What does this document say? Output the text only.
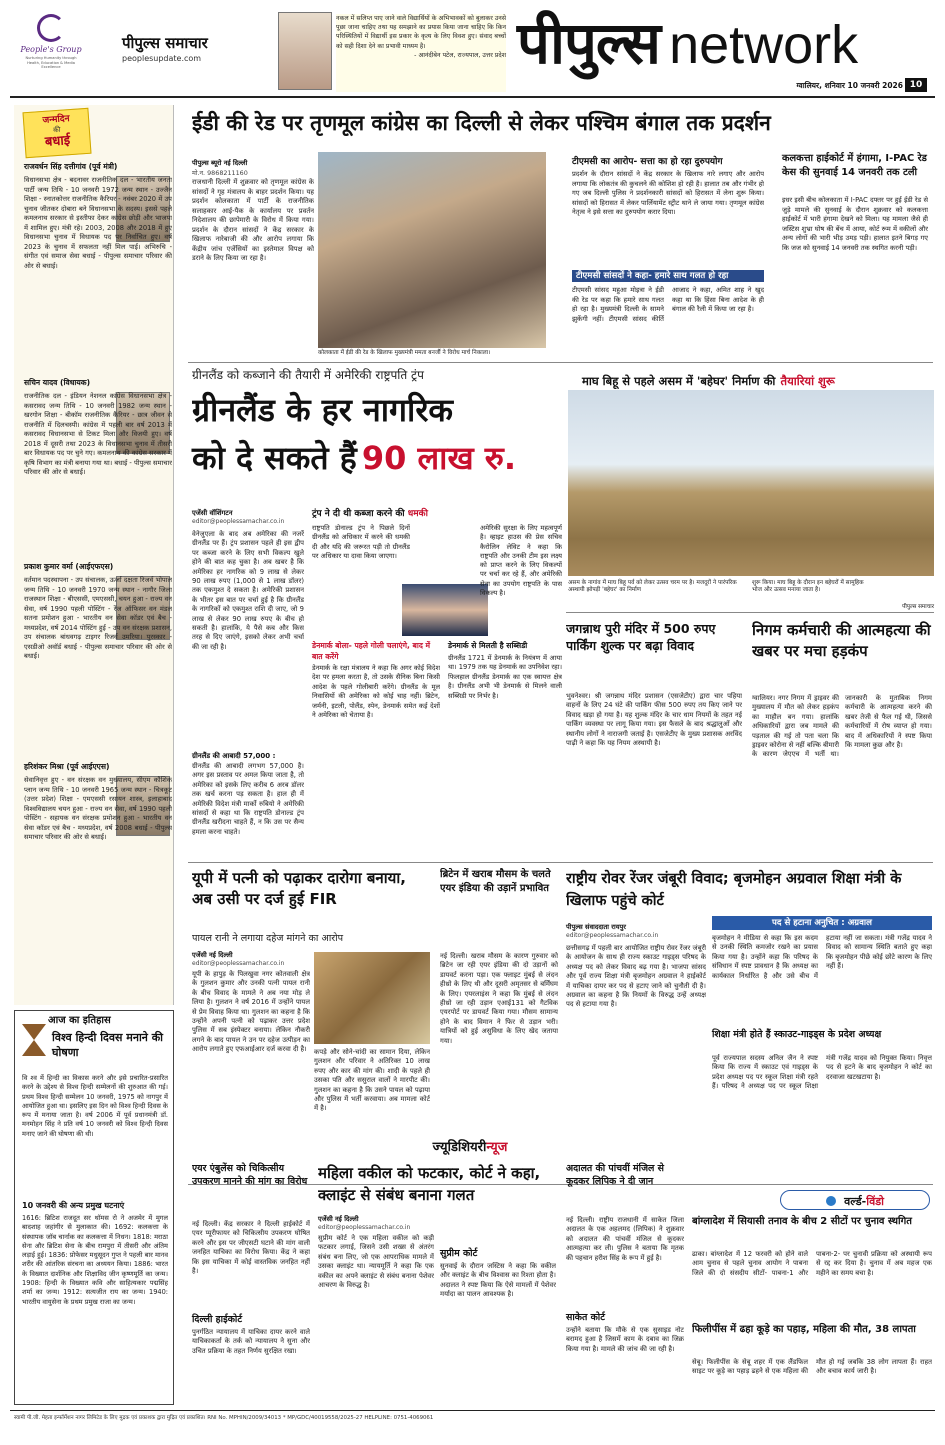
People's Group
Nurturing Humanity through Health, Education & Media Excellence
पीपुल्स समाचार
peoplesupdate.com
नकल में सलिप्त पाए जाने वाले विद्यार्थियों के अभिभावकों को बुलाकर उनसे पूछा जाना चाहिए तथा यह समझाने का प्रयास किया जाना चाहिए कि किन परिस्थितियों में विद्यार्थी इस प्रकार के कृत्य के लिए विवश हुए। संवाद बच्चों को सही दिशा देने का प्रभावी माध्यम है।
- आनंदीबेन पटेल, राज्यपाल, उत्तर प्रदेश पीपुल्स network
ग्वालियर, शनिवार 10 जनवरी 2026 10
जन्मदिन
की
बधाई
राजवर्धन सिंह दत्तीगांव (पूर्व मंत्री)
विधानसभा क्षेत्र - बदनावर राजनीतिक दल - भारतीय जनता पार्टी जन्म तिथि - 10 जनवरी 1972 जन्म स्थान - उज्जैन शिक्षा - स्नातकोत्तर राजनीतिक कैरियर - नवंबर 2020 में उप चुनाव जीतकर दोबारा बने विधानसभा के सदस्य। इससे पहले कमलनाथ सरकार से इस्तीफा देकर कांग्रेस छोड़ी और भाजपा में शामिल हुए। मंत्री रहे। 2003, 2008 और 2018 में हुए विधानसभा चुनाव में विधायक पद पर निर्वाचित हुए। वर्ष 2023 के चुनाव में सफलता नहीं मिल पाई। अभिरुचि - संगीत एवं समाज सेवा बधाई - पीपुल्स समाचार परिवार की ओर से बधाई।
सचिन यादव (विधायक)
राजनीतिक दल - इंडियन नेशनल कांग्रेस विधानसभा क्षेत्र - कसरावद जन्म तिथि - 10 जनवरी 1982 जन्म स्थान - खरगोन शिक्षा - बीकॉम राजनीतिक कैरियर - छात्र जीवन से राजनीति में दिलचस्पी। कांग्रेस में पहली बार वर्ष 2013 में कसरावद विधानसभा से टिकट मिला और विजयी हुए। वर्ष 2018 में दूसरी तथा 2023 के विधानसभा चुनाव में तीसरी बार विधायक पद पर चुने गए। कमलनाथ की कांग्रेस सरकार में कृषि विभाग का मंत्री बनाया गया था। बधाई - पीपुल्स समाचार परिवार की ओर से बधाई।
प्रकाश कुमार वर्मा (आईएफएस)
वर्तमान पदस्थापना - उप संचालक, ऊर्जा दक्षता रिजर्व भोपाल जन्म तिथि - 10 जनवरी 1970 जन्म स्थान - नागौर जिला राजस्थान शिक्षा - बीएससी, एमएससी, चयन हुआ - राज्य वन सेवा, वर्ष 1990 पहली पोस्टिंग - रेंज ऑफिसर वन मंडल सतना प्रमोशन हुआ - भारतीय वन सेवा कॉडर एवं बैच - मध्यप्रदेश, वर्ष 2014 पोस्टिंग हुई - उप वन संरक्षक प्रशासन, उप संचालक बांधवगढ़ टाइगर रिजर्व उमरिया। पुरस्कार - एसडीओ अवॉर्ड बधाई - पीपुल्स समाचार परिवार की ओर से बधाई।
हरिशंकर मिश्रा (पूर्व आईएएस)
सेवानिवृत्त हुए - वन संरक्षक वन मुख्यालय, सीएम कौशिक प्लान जन्म तिथि - 10 जनवरी 1965 जन्म स्थान - चित्रकूट (उत्तर प्रदेश) शिक्षा - एमएससी रसायन शास्त्र, इलाहाबाद विश्वविद्यालय चयन हुआ - राज्य वन सेवा, वर्ष 1990 पहली पोस्टिंग - सहायक वन संरक्षक प्रमोशन हुआ - भारतीय वन सेवा कॉडर एवं बैच - मध्यप्रदेश, वर्ष 2008 बधाई - पीपुल्स समाचार परिवार की ओर से बधाई।
आज का इतिहास
विश्व हिन्दी दिवस मनाने की घोषणा
वि श्व में हिन्दी का विकास करने और इसे प्रचारित-प्रसारित करने के उद्देश्य से विश्व हिन्दी सम्मेलनों की शुरुआत की गई। प्रथम विश्व हिन्दी सम्मेलन 10 जनवरी, 1975 को नागपुर में आयोजित हुआ था। इसलिए इस दिन को विश्व हिन्दी दिवस के रूप में मनाया जाता है। वर्ष 2006 में पूर्व प्रधानमंत्री डॉ. मनमोहन सिंह ने प्रति वर्ष 10 जनवरी को विश्व हिन्दी दिवस मनाए जाने की घोषणा की थी।
10 जनवरी की अन्य प्रमुख घटनाएं
1616: ब्रिटिश राजदूत सर थॉमस रो ने अजमेर में मुगल बादशाह जहांगीर से मुलाकात की। 1692: कलकत्ता के संस्थापक जॉब चार्नाक का कलकत्ता में निधन। 1818: मराठा सेना और ब्रिटिश सेना के बीच रामपुरा में तीसरी और अंतिम लड़ाई हुई। 1836: प्रोफेसर मधुसूदन गुप्त ने पहली बार मानव शरीर की आंतरिक संरचना का अध्ययन किया। 1886: भारत के विख्यात दार्शनिक और शिक्षाविद जीन कृष्णमूर्ति का जन्म। 1908: हिन्दी के विख्यात कवि और साहित्यकार पद्मसिंह शर्मा का जन्म। 1912: सत्यजीत राय का जन्म। 1940: भारतीय वायुसेना के प्रथम प्रमुख राजा का जन्म।
ईडी की रेड पर तृणमूल कांग्रेस का दिल्ली से लेकर पश्चिम बंगाल तक प्रदर्शन
पीपुल्स ब्यूरो नई दिल्ली
मो.न. 9868211160
राजधानी दिल्ली में शुक्रवार को तृणमूल कांग्रेस के सांसदों ने गृह मंत्रालय के बाहर प्रदर्शन किया। यह प्रदर्शन कोलकाता में पार्टी के राजनीतिक सलाहकार आई-पैक के कार्यालय पर प्रवर्तन निदेशालय की छापेमारी के विरोध में किया गया। प्रदर्शन के दौरान सांसदों ने केंद्र सरकार के खिलाफ नारेबाजी की और आरोप लगाया कि केंद्रीय जांच एजेंसियों का इस्तेमाल विपक्ष को डराने के लिए किया जा रहा है।
कोलकाता में ईडी की रेड के खिलाफ मुख्यमंत्री ममता बनर्जी ने विरोध मार्च निकाला।
टीएमसी का आरोप- सत्ता का हो रहा दुरुपयोग
प्रदर्शन के दौरान सांसदों ने केंद्र सरकार के खिलाफ नारे लगाए और आरोप लगाया कि लोकतंत्र की कुचलने की कोशिश हो रही है। हालात तब और गंभीर हो गए जब दिल्ली पुलिस ने प्रदर्शनकारी सांसदों को हिरासत में लेना शुरू किया। सांसदों को हिरासत में लेकर पार्लियामेंट स्ट्रीट थाने ले जाया गया। तृणमूल कांग्रेस नेतृत्व ने इसे सत्ता का दुरुपयोग करार दिया।
टीएमसी सांसदों ने कहा- हमारे साथ गलत हो रहा
टीएमसी सांसद महुआ मोइत्रा ने ईडी की रेड पर कहा कि हमारे साथ गलत हो रहा है। मुख्यमंत्री दिल्ली के सामने झुकेंगी नहीं। टीएमसी सांसद कीर्ति आजाद ने कहा, अमित शाह ने खुद कहा था कि हिंसा बिना आदेश के ही बंगाल की रैली में किया जा रहा है।
कलकत्ता हाईकोर्ट में हंगामा, I-PAC रेड केस की सुनवाई 14 जनवरी तक टली
इधर इसी बीच कोलकाता में I-PAC दफ्तर पर हुई ईडी रेड से जुड़े मामले की सुनवाई के दौरान शुक्रवार को कलकत्ता हाईकोर्ट में भारी हंगामा देखने को मिला। यह मामला जैसे ही जस्टिस शुभ्रा घोष की बेंच में आया, कोर्ट रूम में वकीलों और अन्य लोगों की भारी भीड़ उमड़ पड़ी। हालात इतने बिगड़ गए कि जज को सुनवाई 14 जनवरी तक स्थगित करनी पड़ी।
ग्रीनलैंड को कब्जाने की तैयारी में अमेरिकी राष्ट्रपति ट्रंप
ग्रीनलैंड के हर नागरिक
को दे सकते हैं 90 लाख रु.
एजेंसी वॉशिंगटन
editor@peoplessamachar.co.in
वेनेजुएला के बाद अब अमेरिका की नजरें ग्रीनलैंड पर हैं। ट्रंप प्रशासन पहले ही इस द्वीप पर कब्जा करने के लिए सभी विकल्प खुले होने की बात कह चुका है। अब खबर है कि अमेरिका हर नागरिक को 9 लाख से लेकर 90 लाख रुपए (1,000 से 1 लाख डॉलर) तक एकमुश्त दे सकता है। अमेरिकी प्रशासन के भीतर इस बात पर चर्चा हुई है कि ग्रीनलैंड के नागरिकों को एकमुश्त राशि दी जाए, जो 9 लाख से लेकर 90 लाख रुपए के बीच हो सकती है। हालांकि, ये पैसे कब और किस तरह से दिए जाएंगे, इसको लेकर अभी चर्चा की जा रही है।
ग्रीनलैंड की आबादी 57,000 :
ग्रीनलैंड की आबादी लगभग 57,000 है। अगर इस प्रस्ताव पर अमल किया जाता है, तो अमेरिका को इसके लिए करीब 6 अरब डॉलर तक खर्च करना पड़ सकता है। हाल ही में अमेरिकी विदेश मंत्री मार्को रुबियो ने अमेरिकी सांसदों से कहा था कि राष्ट्रपति डोनाल्ड ट्रंप ग्रीनलैंड खरीदना चाहते हैं, न कि उस पर सैन्य हमला करना चाहते।
ट्रंप ने दी थी कब्जा करने की धमकी
राष्ट्रपति डोनाल्ड ट्रंप ने पिछले दिनों ग्रीनलैंड को अधिकार में करने की धमकी दी और यदि की जरूरत पड़ी तो ग्रीनलैंड पर अधिकार या दावा किया जाएगा।
अमेरिकी सुरक्षा के लिए महत्वपूर्ण है। व्हाइट हाउस की प्रेस सचिव कैरोलिन लेविट ने कहा कि राष्ट्रपति और उनकी टीम इस लक्ष्य को प्राप्त करने के लिए विकल्पों पर चर्चा कर रहे हैं, और अमेरिकी सेना का उपयोग राष्ट्रपति के पास विकल्प है।
डेनमार्क बोला- पहले गोली चलाएंगे, बाद में बात करेंगे
डेनमार्क के रक्षा मंत्रालय ने कहा कि अगर कोई विदेश देश पर हमला करता है, तो उसके सैनिक बिना किसी आदेश के पहले गोलीबारी करेंगे। ग्रीनलैंड के मूल निवासियों की अमेरिका को कोई चाह नहीं। ब्रिटेन, जर्मनी, इटली, पोलैंड, स्पेन, डेनमार्क समेत कई देशों ने अमेरिका को चेताया है।
डेनमार्क से मिलती है सब्सिडी
ग्रीनलैंड 1721 में डेनमार्क के नियंत्रण में आया था। 1979 तक यह डेनमार्क का उपनिवेश रहा। फिलहाल ग्रीनलैंड डेनमार्क का एक स्वायत्त क्षेत्र है। ग्रीनलैंड अभी भी डेनमार्क से मिलने वाली सब्सिडी पर निर्भर है।
माघ बिहू से पहले असम में 'बहेघर' निर्माण की तैयारियां शुरू
असम के नागांव में माघ बिहू पर्व को लेकर उत्सव चरम पर है। मजदूरों ने पारंपरिक अस्थायी झोपड़ी 'बहेघर' का निर्माण
शुरू किया। माघ बिहू के दौरान इन बहेघरों में सामूहिक भोज और उत्सव मनाया जाता है।
पीपुल्स समाचार
जगन्नाथ पुरी मंदिर में 500 रुपए पार्किंग शुल्क पर बढ़ा विवाद
भुवनेश्वर। श्री जगन्नाथ मंदिर प्रशासन (एसजेटीए) द्वारा चार पहिया वाहनों के लिए 24 घंटे की पार्किंग फीस 500 रुपए तय किए जाने पर विवाद खड़ा हो गया है। यह शुल्क मंदिर के चार धाम नियमों के तहत नई पार्किंग व्यवस्था पर लागू किया गया। इस फैसले के बाद श्रद्धालुओं और स्थानीय लोगों ने नाराजगी जताई है। एसजेटीए के मुख्य प्रशासक अरविंद पाढ़ी ने कहा कि यह नियम अस्थायी है।
निगम कर्मचारी की आत्महत्या की खबर पर मचा हड़कंप
ग्वालियर। नगर निगम में ड्राइवर की मुख्यालय में मौत को लेकर हड़कंप का माहौल बन गया। हालांकि अधिकारियों द्वारा जब मामले की पड़ताल की गई तो पता चला कि ड्राइवर कोरोना से नहीं बल्कि बीमारी के कारण जेएएच में भर्ती था। जानकारी के मुताबिक निगम कर्मचारी के आत्महत्या करने की खबर तेजी से फैल गई थी, जिससे कर्मचारियों में रोष व्याप्त हो गया। बाद में अधिकारियों ने स्पष्ट किया कि मामला कुछ और है।
यूपी में पत्नी को पढ़ाकर दारोगा बनाया, अब उसी पर दर्ज हुई FIR
पायल रानी ने लगाया दहेज मांगने का आरोप
एजेंसी नई दिल्ली
editor@peoplessamachar.co.in
यूपी के हापुड़ के पिलखुवा नगर कोतवाली क्षेत्र के गुलशन कुमार और उनकी पत्नी पायल रानी के बीच विवाद के मामले ने अब नया मोड़ ले लिया है। गुलशन ने वर्ष 2016 में उन्होंने पायल से प्रेम विवाह किया था। गुलशन का कहना है कि उन्होंने अपनी पत्नी को पढ़ाकर उत्तर प्रदेश पुलिस में सब इंस्पेक्टर बनाया। लेकिन नौकरी लगने के बाद पायल ने उन पर दहेज उत्पीड़न का आरोप लगाते हुए एफआईआर दर्ज करवा दी है।	कपड़े और सोने-चांदी का सामान दिया, लेकिन गुलशन और परिवार ने अतिरिक्त 10 लाख रुपए और कार की मांग की। शादी के पहले ही उसका पति और ससुराल वालों ने मारपीट की। गुलशन का कहना है कि उसने पायल को पढ़ाया और पुलिस में भर्ती करवाया। अब मामला कोर्ट में है।
ब्रिटेन में खराब मौसम के चलते एयर इंडिया की उड़ानें प्रभावित
नई दिल्ली। खराब मौसम के कारण गुरुवार को ब्रिटेन जा रही एयर इंडिया की दो उड़ानों को डायवर्ट करना पड़ा। एक फ्लाइट मुंबई से लंदन हीथ्रो के लिए थी और दूसरी अमृतसर से बर्मिंघम के लिए। एयरलाइंस ने कहा कि मुंबई से लंदन हीथ्रो जा रही उड़ान एआई131 को गैटविक एयरपोर्ट पर डायवर्ट किया गया। मौसम सामान्य होने के बाद विमान ने फिर से उड़ान भरी। यात्रियों को हुई असुविधा के लिए खेद जताया गया।
राष्ट्रीय रोवर रेंजर जंबूरी विवाद; बृजमोहन अग्रवाल शिक्षा मंत्री के खिलाफ पहुंचे कोर्ट
पीपुल्स संवाददाता रायपुर
editor@peoplessamachar.co.in
छत्तीसगढ़ में पहली बार आयोजित राष्ट्रीय रोवर रेंजर जंबूरी के आयोजन के साथ ही राज्य स्काउट गाइड्स परिषद के अध्यक्ष पद को लेकर विवाद बढ़ गया है। भाजपा सांसद और पूर्व राज्य शिक्षा मंत्री बृजमोहन अग्रवाल ने हाईकोर्ट में याचिका दायर कर पद से हटाए जाने को चुनौती दी है। अग्रवाल का कहना है कि नियमों के विरुद्ध उन्हें अध्यक्ष पद से हटाया गया है।
पद से हटाना अनुचित : अग्रवाल
बृजमोहन ने मीडिया से कहा कि इस कदम से उनकी स्थिति कमजोर रखने का प्रयास किया गया है। उन्होंने कहा कि परिषद के संविधान में स्पष्ट प्रावधान है कि अध्यक्ष का कार्यकाल निर्धारित है और उसे बीच में हटाया नहीं जा सकता। मंत्री गजेंद्र यादव ने विवाद को सामान्य स्थिति बताते हुए कहा कि बृजमोहन पीछे कोई छोटे कारण के लिए नहीं हैं।
शिक्षा मंत्री होते हैं स्काउट-गाइड्स के प्रदेश अध्यक्ष
पूर्व राज्यपाल सदस्य अनिल जैन ने स्पष्ट किया कि राज्य में स्काउट एवं गाइड्स के प्रदेश अध्यक्ष पद पर स्कूल शिक्षा मंत्री रहते हैं। परिषद ने अध्यक्ष पद पर स्कूल शिक्षा मंत्री गजेंद्र यादव को नियुक्त किया। निवृत्त पद से हटने के बाद बृजमोहन ने कोर्ट का दरवाजा खटखटाया है।
ज्यूडिशियरीन्यूज
एयर एंबुलेंस को चिकित्सीय उपकरण मानने की मांग का विरोध
नई दिल्ली। केंद्र सरकार ने दिल्ली हाईकोर्ट में एयर प्यूरीफायर को चिकित्सीय उपकरण घोषित करने और इस पर जीएसटी घटाने की मांग वाली जनहित याचिका का विरोध किया। केंद्र ने कहा कि इस याचिका में कोई वास्तविक जनहित नहीं है।
दिल्ली हाईकोर्ट
पुनर्गठित न्यायालय में याचिका दायर करने वाले याचिकाकर्ता के तर्क को न्यायालय ने सुना और उचित प्रक्रिया के तहत निर्णय सुरक्षित रखा।
महिला वकील को फटकार, कोर्ट ने कहा, क्लाइंट से संबंध बनाना गलत
एजेंसी नई दिल्ली
editor@peoplessamachar.co.in
सुप्रीम कोर्ट ने एक महिला वकील को कड़ी फटकार लगाई, जिसने उसी शख्स से अंतरंग संबंध बना लिए, जो एक आपराधिक मामले में उसका क्लाइंट था। न्यायमूर्ति ने कहा कि एक वकील का अपने क्लाइंट से संबंध बनाना पेशेवर आचरण के विरुद्ध है।
सुप्रीम कोर्ट
सुनवाई के दौरान जस्टिस ने कहा कि वकील और क्लाइंट के बीच विश्वास का रिश्ता होता है। अदालत ने स्पष्ट किया कि ऐसे मामलों में पेशेवर मर्यादा का पालन आवश्यक है।
अदालत की पांचवीं मंजिल से कूदकर लिपिक ने दी जान
नई दिल्ली। राष्ट्रीय राजधानी में साकेत जिला अदालत के एक अहलमद (लिपिक) ने शुक्रवार को अदालत की पांचवीं मंजिल से कूदकर आत्महत्या कर ली। पुलिस ने बताया कि मृतक की पहचान हरीश सिंह के रूप में हुई है।
साकेत कोर्ट
उन्होंने बताया कि मौके से एक सुसाइड नोट बरामद हुआ है जिसमें काम के दबाव का जिक्र किया गया है। मामले की जांच की जा रही है।
वर्ल्ड-विंडो
बांग्लादेश में सियासी तनाव के बीच 2 सीटों पर चुनाव स्थगित
ढाका। बांग्लादेश में 12 फरवरी को होने वाले आम चुनाव से पहले चुनाव आयोग ने पाबना जिले की दो संसदीय सीटों- पाबना-1 और पाबना-2- पर चुनावी प्रक्रिया को अस्थायी रूप से रद्द कर दिया है। चुनाव में अब महज एक महीने का समय बचा है।
फिलीपींस में ढहा कूड़े का पहाड़, महिला की मौत, 38 लापता
सेबू। फिलीपींस के सेबू शहर में एक लैंडफिल साइट पर कूड़े का पहाड़ ढहने से एक महिला की मौत हो गई जबकि 38 लोग लापता हैं। राहत और बचाव कार्य जारी है।
स्वामी पी.जी. मेहता इन्फॉर्मेशन नागर लिमिटेड के लिए मुद्रक एवं प्रकाशक द्वारा मुद्रित एवं प्रकाशित। RNI No. MPHIN/2009/34013 * MP/GDC/40019558/2025-27 HELPLINE: 0751-4069061
